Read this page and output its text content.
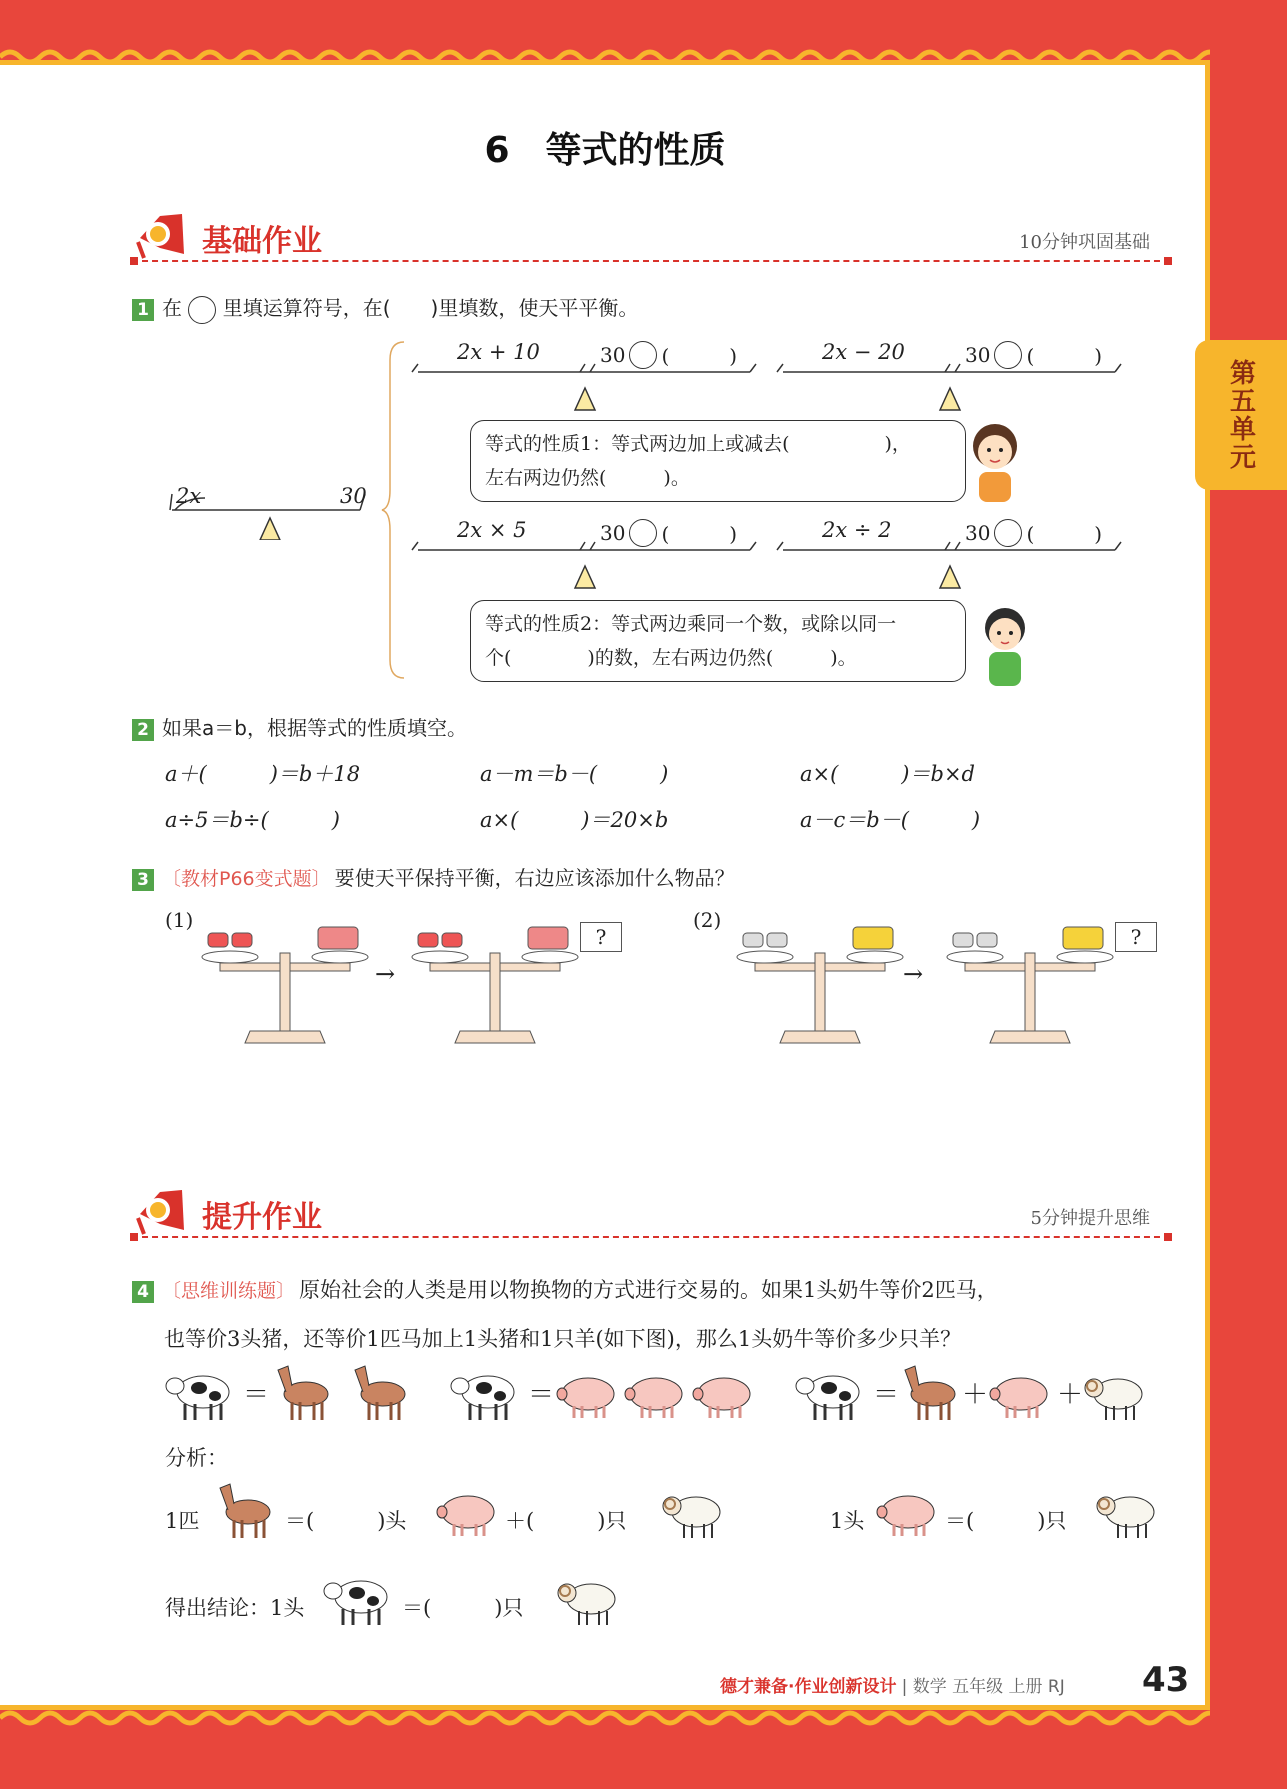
第五单元
6　等式的性质
基础作业	10分钟巩固基础
1 在 里填运算符号，在(　　)里填数，使天平平衡。
2x	30
2x + 10	30 (　　　)	2x − 20	30 (　　　)
2x × 5	30 (　　　)	2x ÷ 2	30 (　　　)
等式的性质1：等式两边加上或减去(　　　　　)，
左右两边仍然(　　　)。
等式的性质2：等式两边乘同一个数，或除以同一
个(　　　　)的数，左右两边仍然(　　　)。
2 如果a＝b，根据等式的性质填空。
a＋(　　　)＝b＋18	a－m＝b－(　　　)	a×(　　　)＝b×d
a÷5＝b÷(　　　)	a×(　　　)＝20×b	a－c＝b－(　　　)
3 〔教材P66变式题〕 要使天平保持平衡，右边应该添加什么物品？
(1)	(2)
?	?
→	→
提升作业	5分钟提升思维
4 〔思维训练题〕 原始社会的人类是用以物换物的方式进行交易的。如果1头奶牛等价2匹马，
也等价3头猪，还等价1匹马加上1头猪和1只羊(如下图)，那么1头奶牛等价多少只羊？
＝	＝	＝ ＋	＋
分析：
1匹	＝(　　　)头	＋(　　　)只	1头	＝(　　　)只
得出结论：1头	＝(　　　)只
德才兼备·作业创新设计 | 数学 五年级 上册 RJ 43
